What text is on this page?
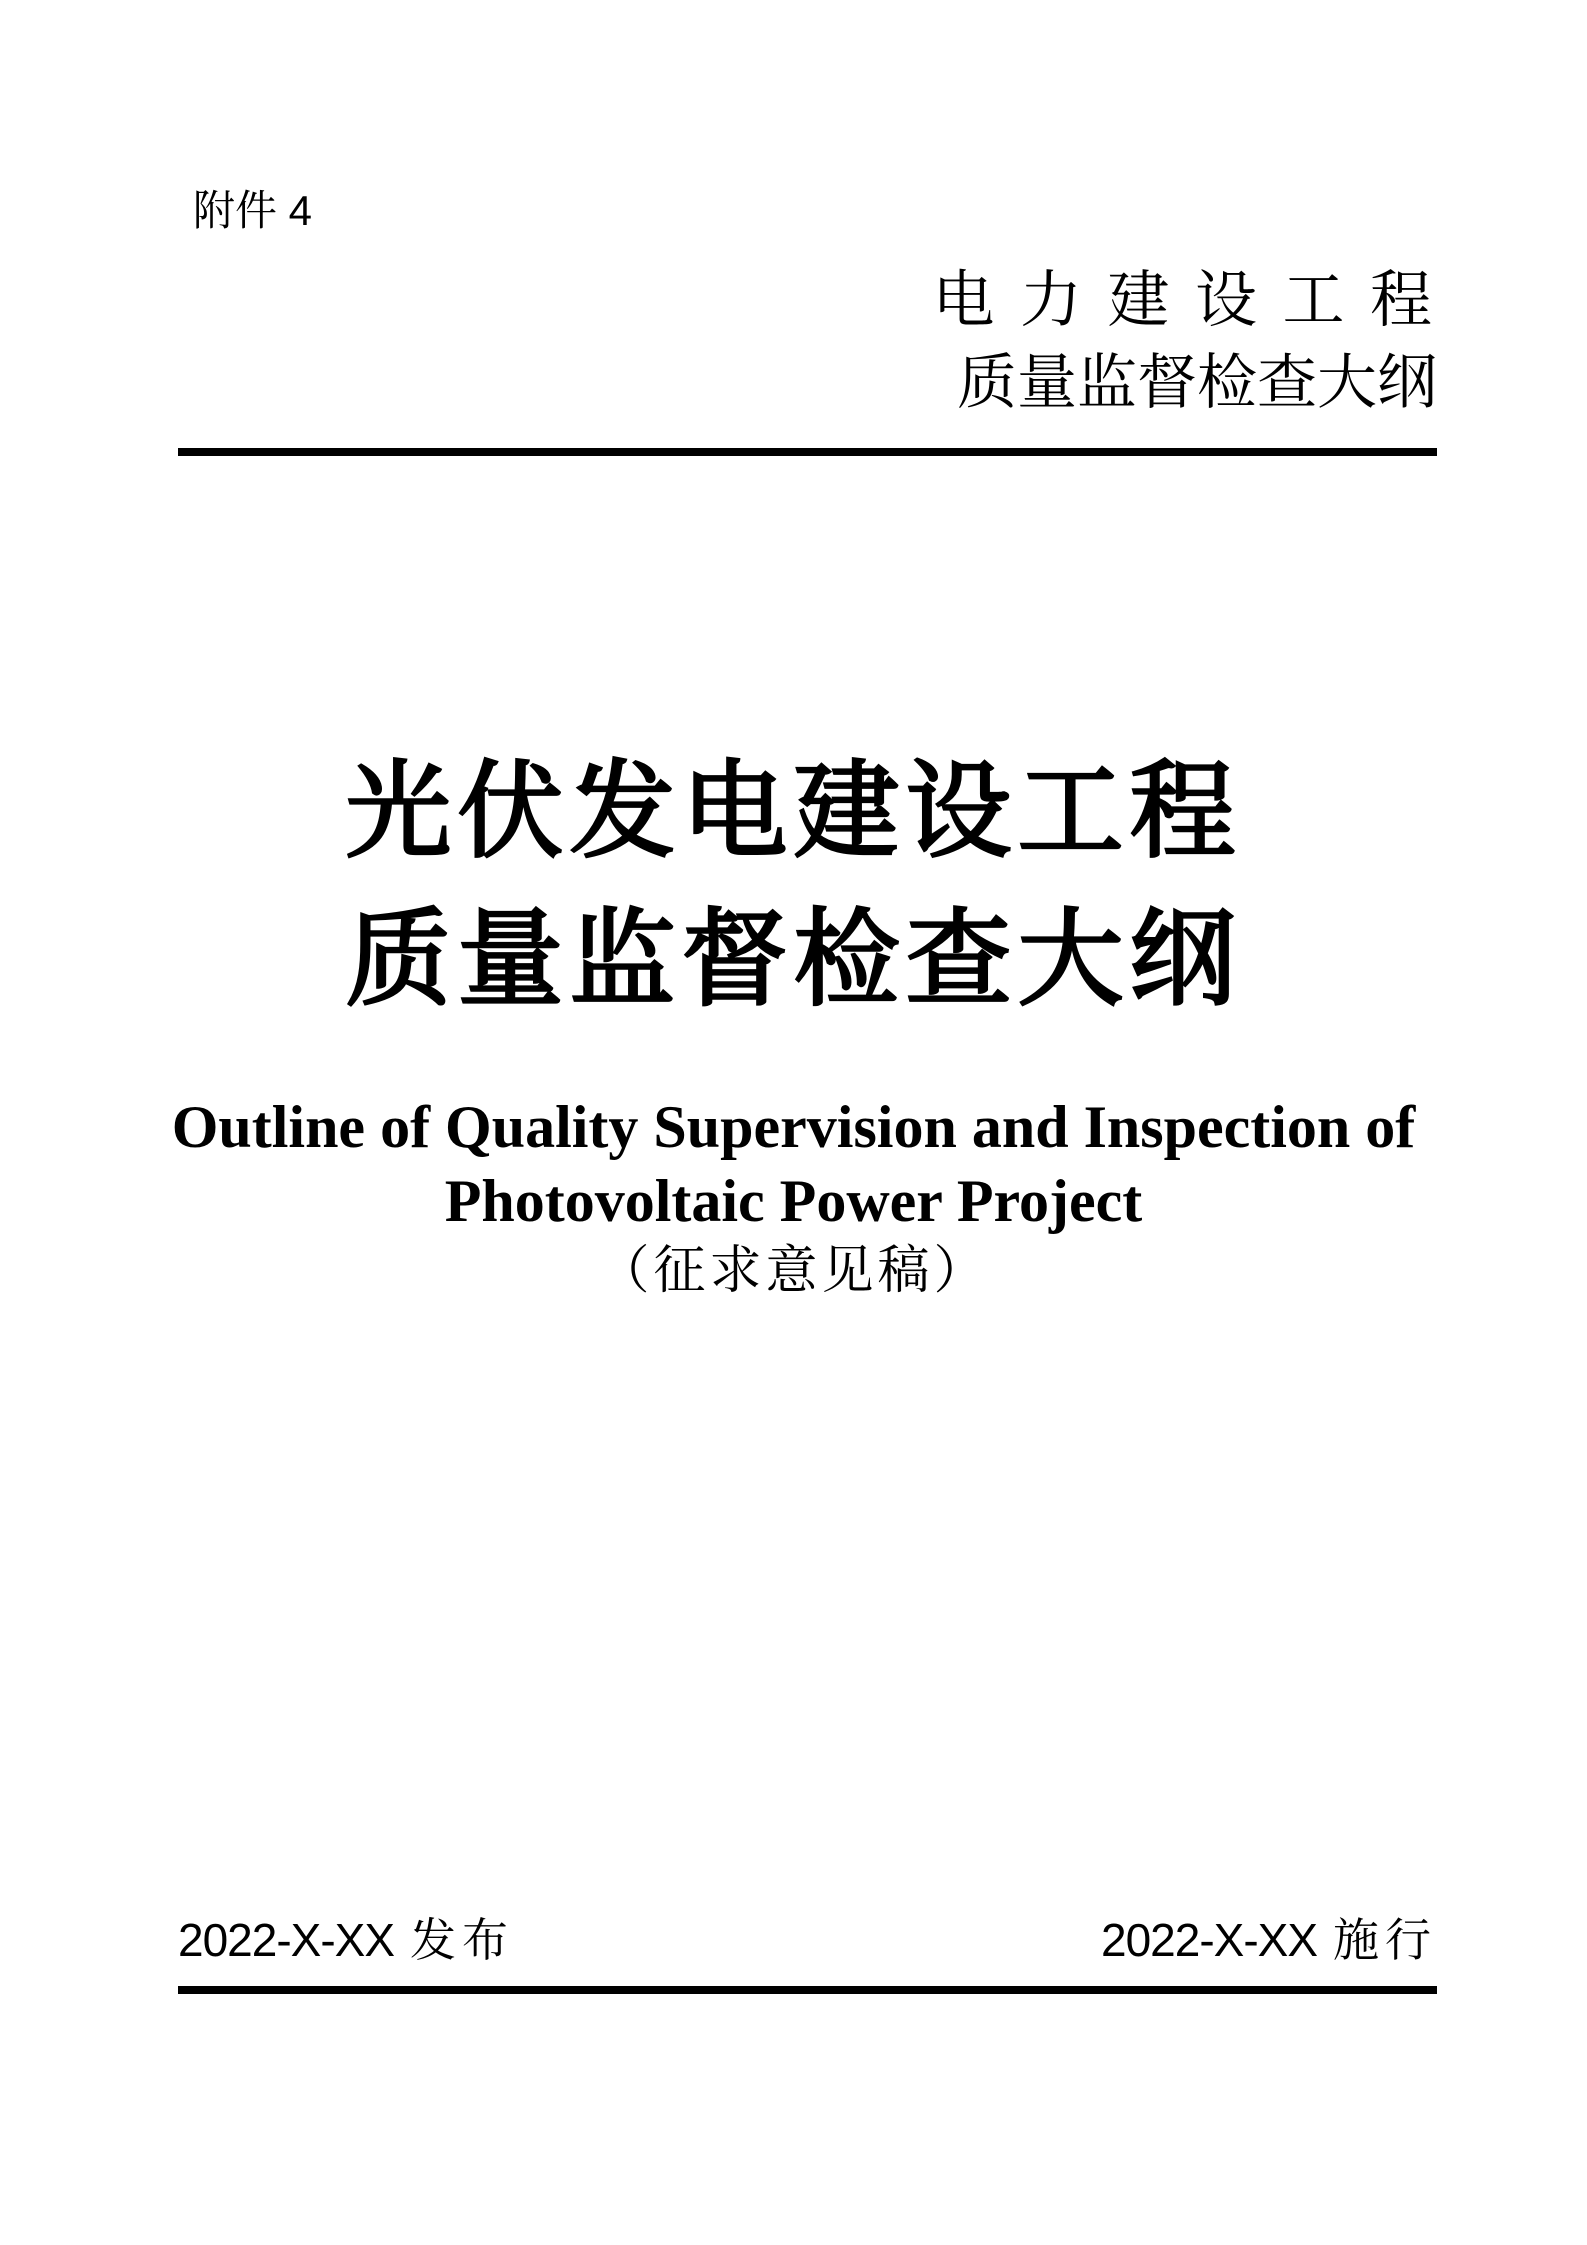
附件 4
电 力 建 设 工 程
质量监督检查大纲
光伏发电建设工程
质量监督检查大纲
Outline of Quality Supervision and Inspection of
Photovoltaic Power Project
（征求意见稿）
2022-X-XX 发布	2022-X-XX 施行
